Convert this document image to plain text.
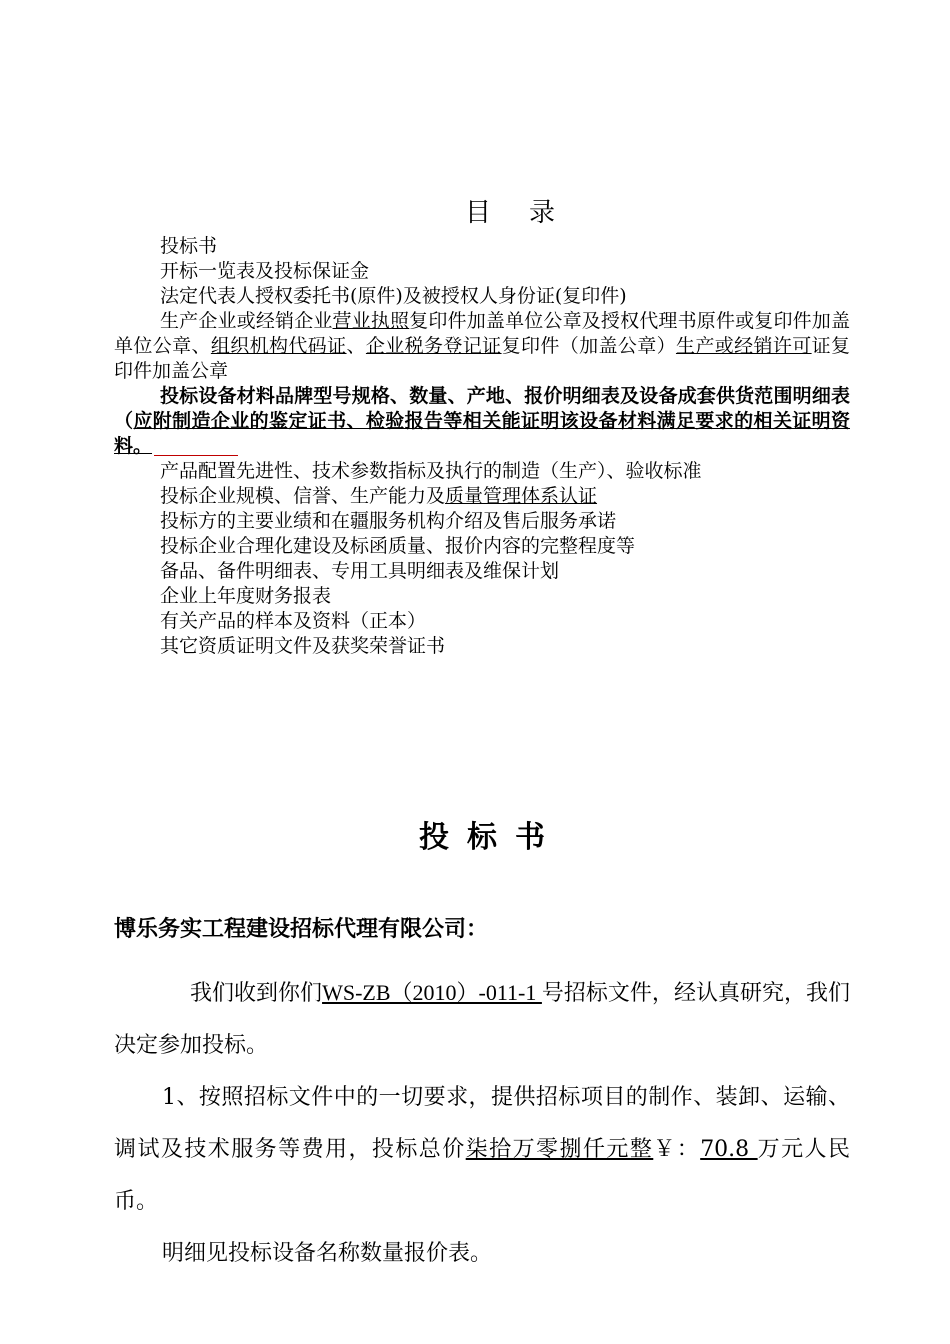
目 录

投标书

开标一览表及投标保证金

法定代表人授权委托书(原件)及被授权人身份证(复印件)

生产企业或经销企业营业执照复印件加盖单位公章及授权代理书原件或复印件加盖单位公章、组织机构代码证、企业税务登记证复印件（加盖公章）生产或经销许可证复印件加盖公章

投标设备材料品牌型号规格、数量、产地、报价明细表及设备成套供货范围明细表（应附制造企业的鉴定证书、检验报告等相关能证明该设备材料满足要求的相关证明资料。

产品配置先进性、技术参数指标及执行的制造（生产）、验收标准

投标企业规模、信誉、生产能力及质量管理体系认证

投标方的主要业绩和在疆服务机构介绍及售后服务承诺

投标企业合理化建设及标函质量、报价内容的完整程度等

备品、备件明细表、专用工具明细表及维保计划

企业上年度财务报表

有关产品的样本及资料（正本）

其它资质证明文件及获奖荣誉证书

投 标 书

博乐务实工程建设招标代理有限公司：

我们收到你们WS-ZB（2010）-011-1 号招标文件，经认真研究，我们决定参加投标。

1、按照招标文件中的一切要求，提供招标项目的制作、装卸、运输、调试及技术服务等费用，投标总价柒拾万零捌仟元整￥：70.8 万元人民币。

明细见投标设备名称数量报价表。
